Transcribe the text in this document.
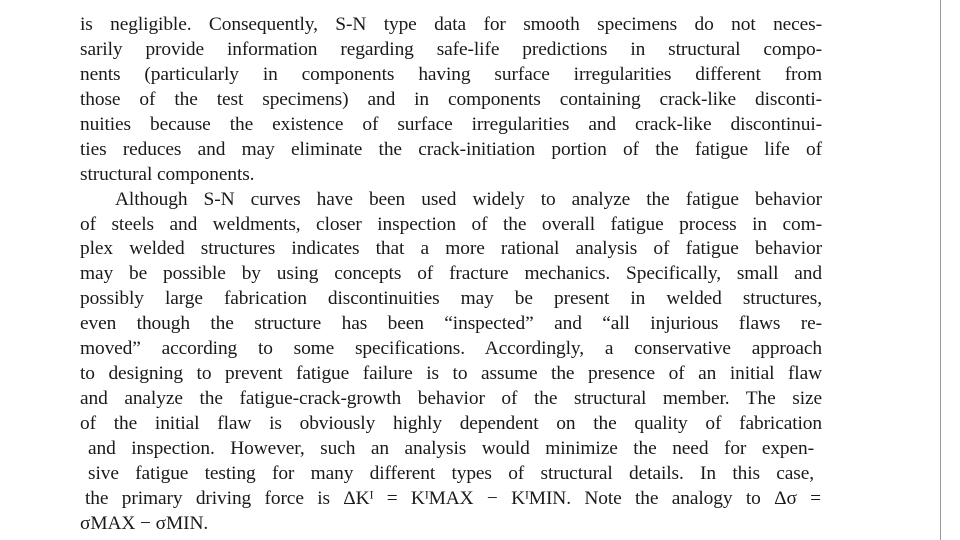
is negligible. Consequently, S-N type data for smooth specimens do not neces-
sarily provide information regarding safe-life predictions in structural compo-
nents (particularly in components having surface irregularities different from
those of the test specimens) and in components containing crack-like disconti-
nuities because the existence of surface irregularities and crack-like discontinui-
ties reduces and may eliminate the crack-initiation portion of the fatigue life of
structural components.
Although S-N curves have been used widely to analyze the fatigue behavior
of steels and weldments, closer inspection of the overall fatigue process in com-
plex welded structures indicates that a more rational analysis of fatigue behavior
may be possible by using concepts of fracture mechanics. Specifically, small and
possibly large fabrication discontinuities may be present in welded structures,
even though the structure has been “inspected” and “all injurious flaws re-
moved” according to some specifications. Accordingly, a conservative approach
to designing to prevent fatigue failure is to assume the presence of an initial flaw
and analyze the fatigue-crack-growth behavior of the structural member. The size
of the initial flaw is obviously highly dependent on the quality of fabrication
and inspection. However, such an analysis would minimize the need for expen-
sive fatigue testing for many different types of structural details. In this case,
the primary driving force is ΔKᴵ = KᴵMAX − KᴵMIN. Note the analogy to Δσ =
σMAX − σMIN.
